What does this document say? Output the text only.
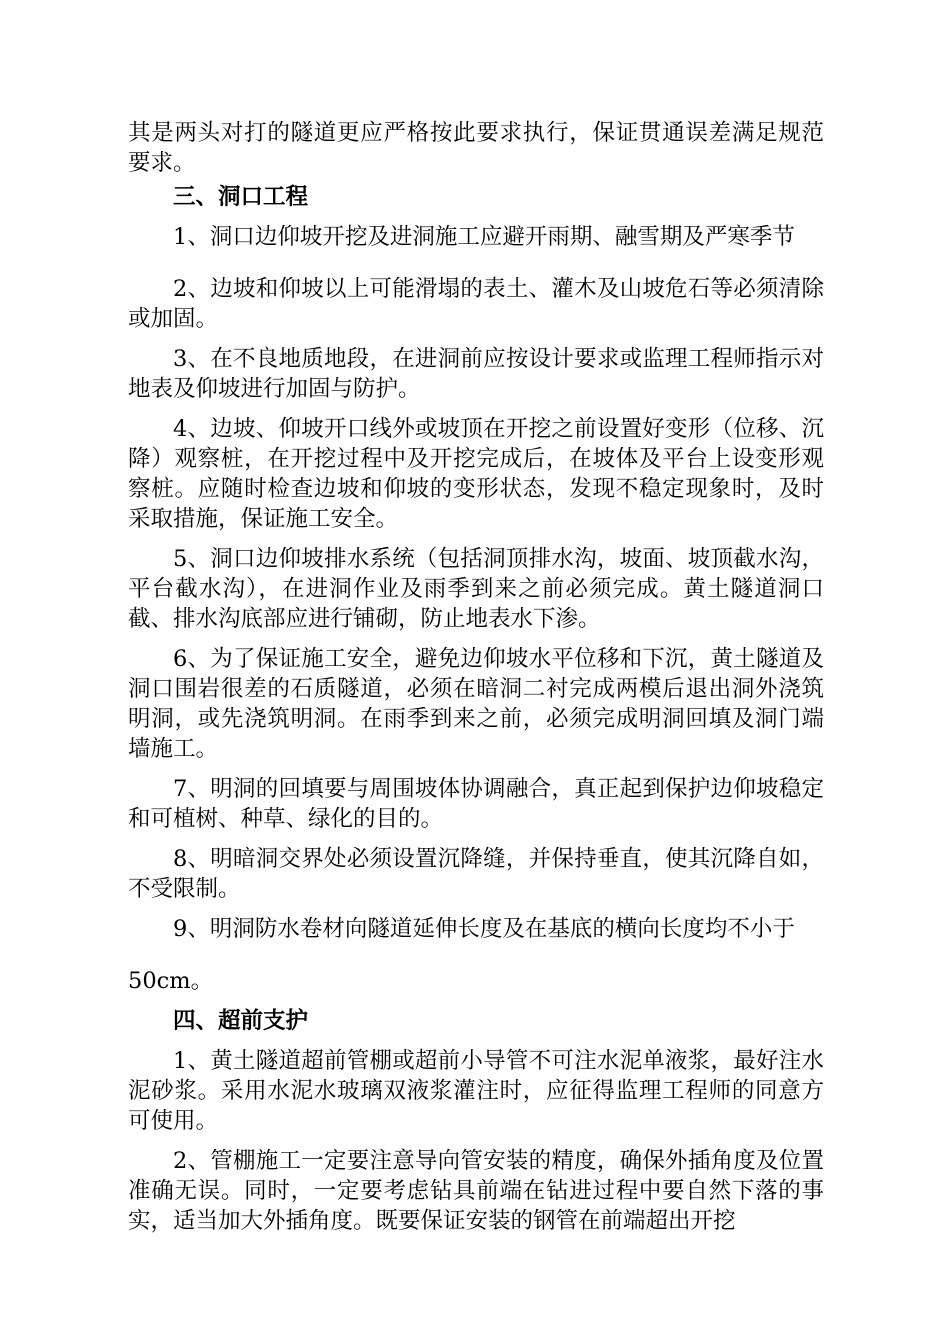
其是两头对打的隧道更应严格按此要求执行，保证贯通误差满足规范要求。

三、洞口工程

1、洞口边仰坡开挖及进洞施工应避开雨期、融雪期及严寒季节

2、边坡和仰坡以上可能滑塌的表土、灌木及山坡危石等必须清除或加固。

3、在不良地质地段，在进洞前应按设计要求或监理工程师指示对地表及仰坡进行加固与防护。

4、边坡、仰坡开口线外或坡顶在开挖之前设置好变形（位移、沉降）观察桩，在开挖过程中及开挖完成后，在坡体及平台上设变形观察桩。应随时检查边坡和仰坡的变形状态，发现不稳定现象时，及时采取措施，保证施工安全。

5、洞口边仰坡排水系统（包括洞顶排水沟，坡面、坡顶截水沟，平台截水沟），在进洞作业及雨季到来之前必须完成。黄土隧道洞口截、排水沟底部应进行铺砌，防止地表水下渗。

6、为了保证施工安全，避免边仰坡水平位移和下沉，黄土隧道及洞口围岩很差的石质隧道，必须在暗洞二衬完成两模后退出洞外浇筑明洞，或先浇筑明洞。在雨季到来之前，必须完成明洞回填及洞门端墙施工。

7、明洞的回填要与周围坡体协调融合，真正起到保护边仰坡稳定和可植树、种草、绿化的目的。

8、明暗洞交界处必须设置沉降缝，并保持垂直，使其沉降自如，不受限制。

9、明洞防水卷材向隧道延伸长度及在基底的横向长度均不小于

50cm。

四、超前支护

1、黄土隧道超前管棚或超前小导管不可注水泥单液浆，最好注水泥砂浆。采用水泥水玻璃双液浆灌注时，应征得监理工程师的同意方可使用。

2、管棚施工一定要注意导向管安装的精度，确保外插角度及位置准确无误。同时，一定要考虑钻具前端在钻进过程中要自然下落的事实，适当加大外插角度。既要保证安装的钢管在前端超出开挖
